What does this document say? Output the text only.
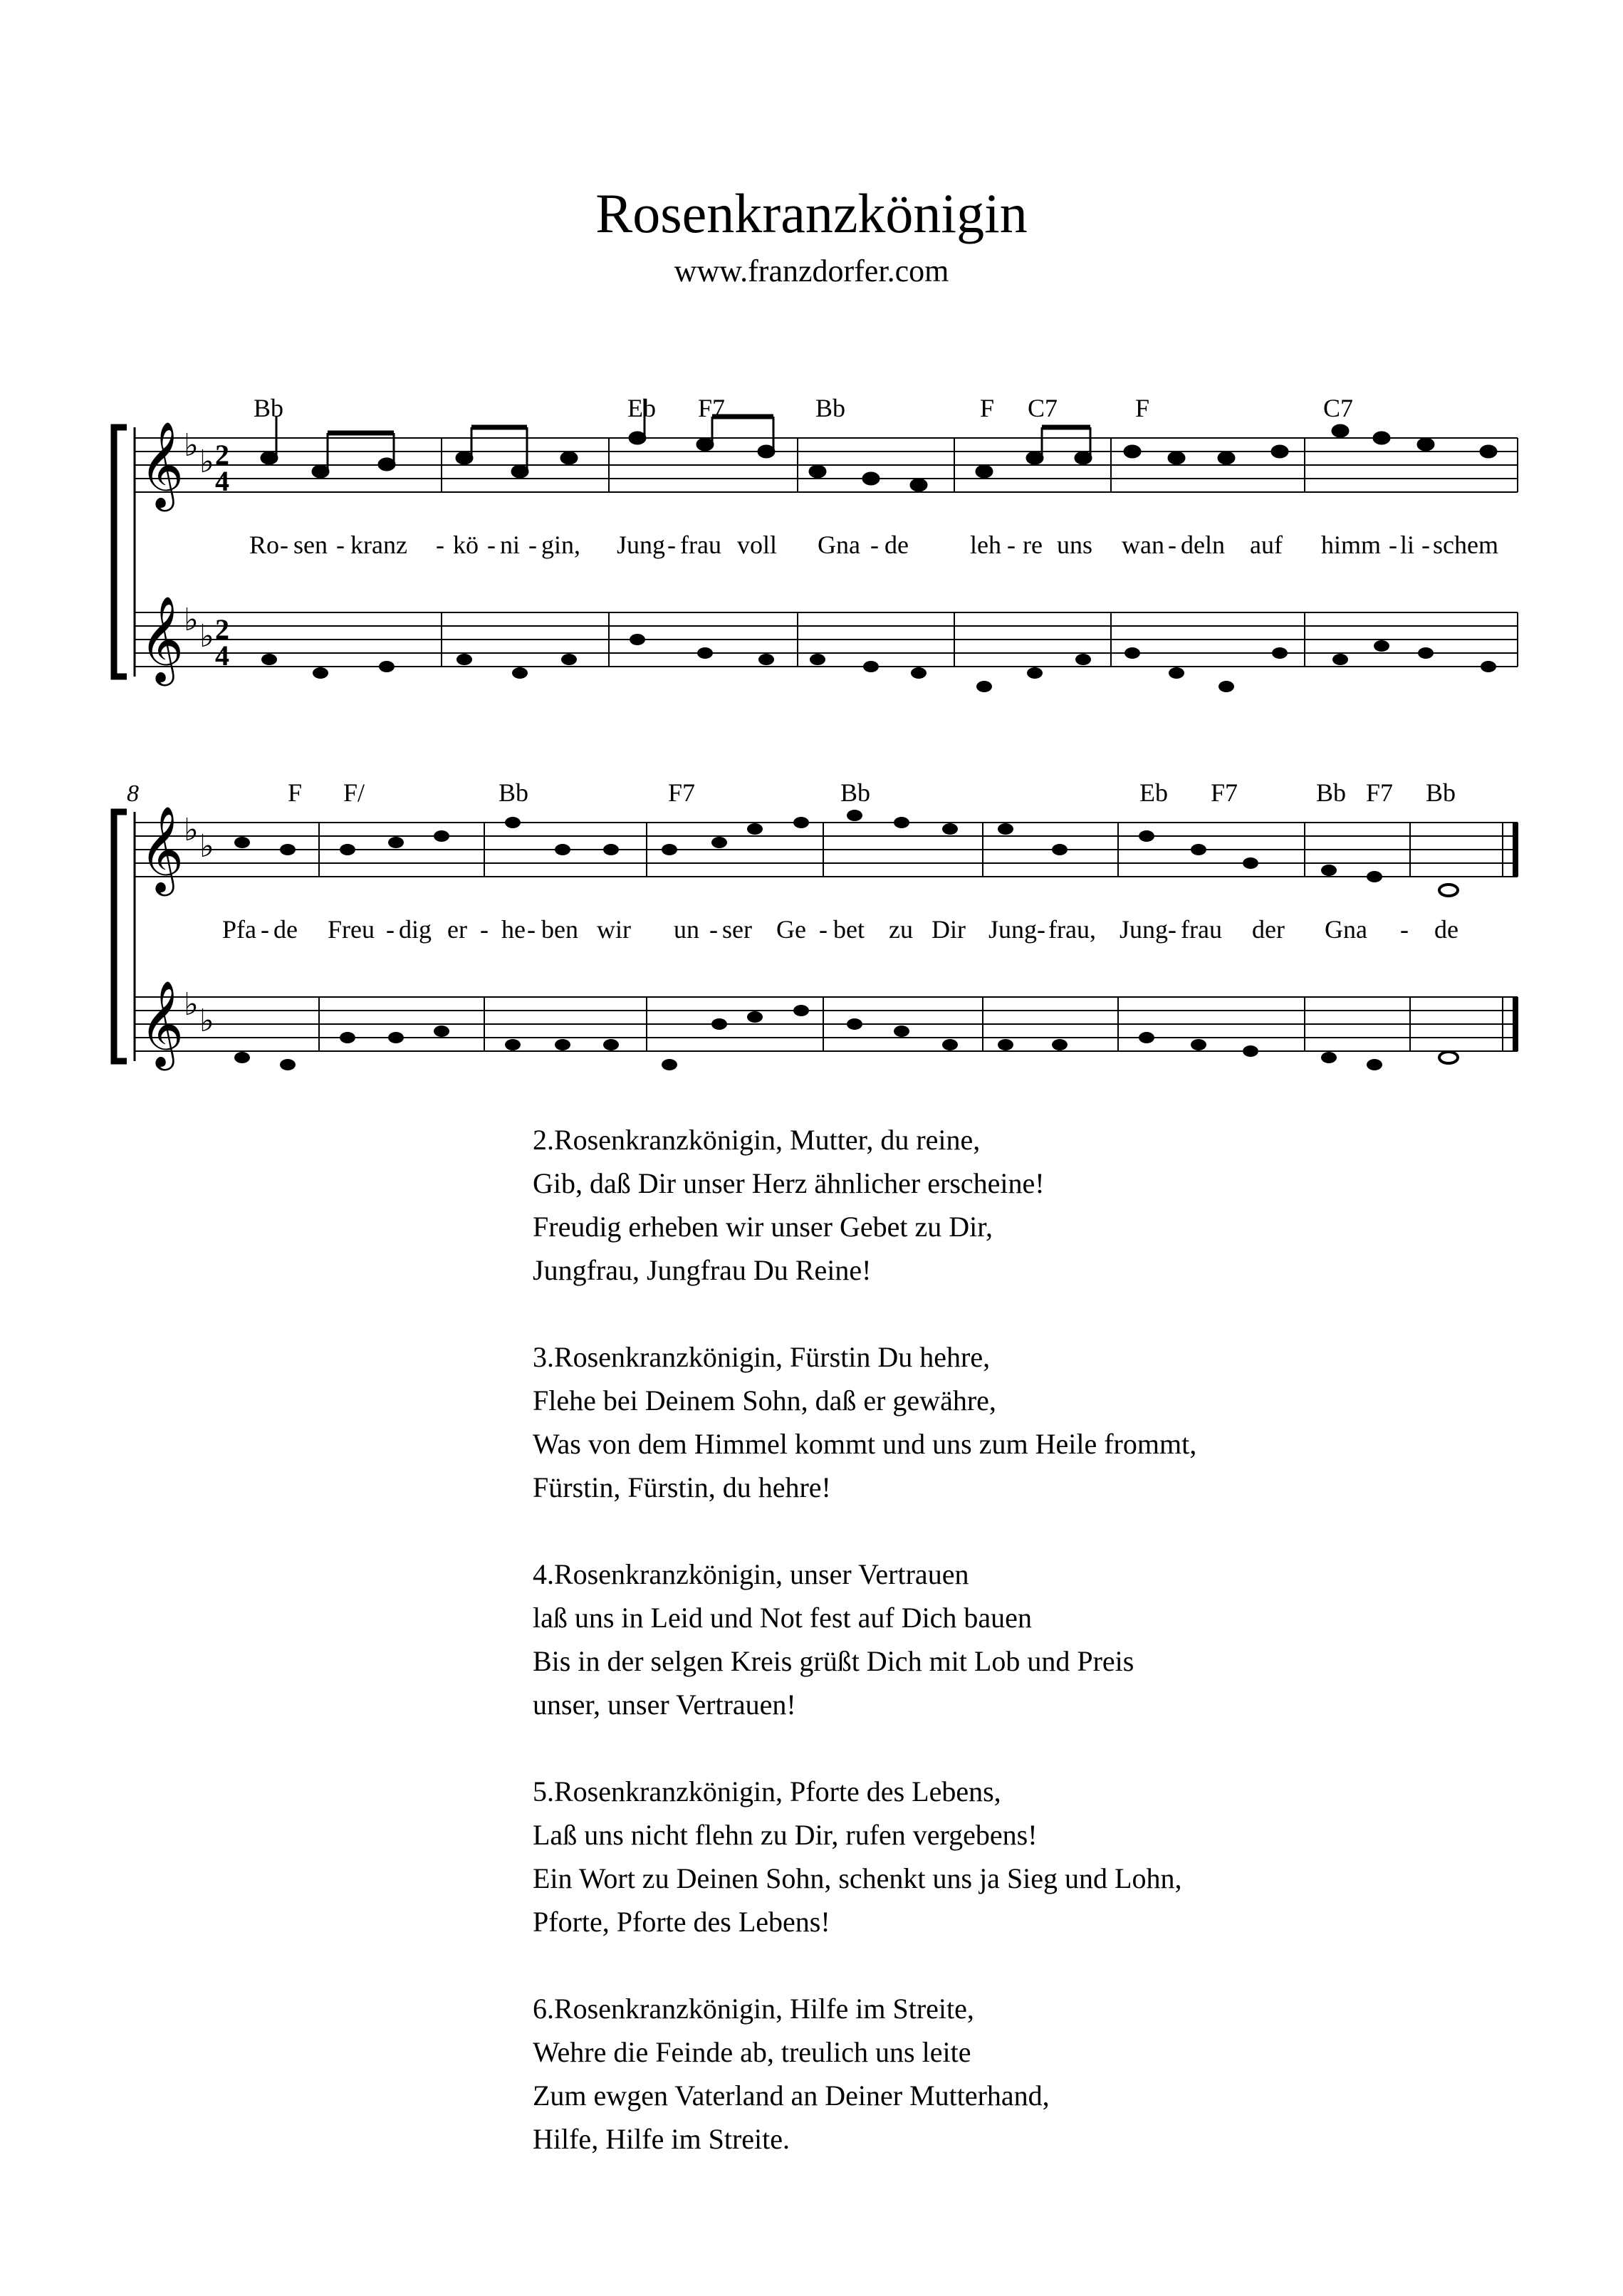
Rosenkranzkönigin
www.franzdorfer.com
Bb	Eb F7	Bb	F C7	F	C7
𝄞 ♭ ♭ 2
4
Ro - sen - kranz - kö - ni - gin, Jung - frau voll Gna - de leh - re uns wan - deln auf himm - li - schem
𝄞 ♭ ♭ 2
4
8	F F/	Bb	F7	Bb	Eb F7	Bb F7 Bb
𝄞 ♭ ♭
Pfa - de Freu - dig er - he - ben wir un - ser Ge - bet zu Dir Jung - frau, Jung - frau der Gna - de
𝄞 ♭ ♭
2.Rosenkranzkönigin, Mutter, du reine,
Gib, daß Dir unser Herz ähnlicher erscheine!
Freudig erheben wir unser Gebet zu Dir,
Jungfrau, Jungfrau Du Reine!
3.Rosenkranzkönigin, Fürstin Du hehre,
Flehe bei Deinem Sohn, daß er gewähre,
Was von dem Himmel kommt und uns zum Heile frommt,
Fürstin, Fürstin, du hehre!
4.Rosenkranzkönigin, unser Vertrauen
laß uns in Leid und Not fest auf Dich bauen
Bis in der selgen Kreis grüßt Dich mit Lob und Preis
unser, unser Vertrauen!
5.Rosenkranzkönigin, Pforte des Lebens,
Laß uns nicht flehn zu Dir, rufen vergebens!
Ein Wort zu Deinen Sohn, schenkt uns ja Sieg und Lohn,
Pforte, Pforte des Lebens!
6.Rosenkranzkönigin, Hilfe im Streite,
Wehre die Feinde ab, treulich uns leite
Zum ewgen Vaterland an Deiner Mutterhand,
Hilfe, Hilfe im Streite.
